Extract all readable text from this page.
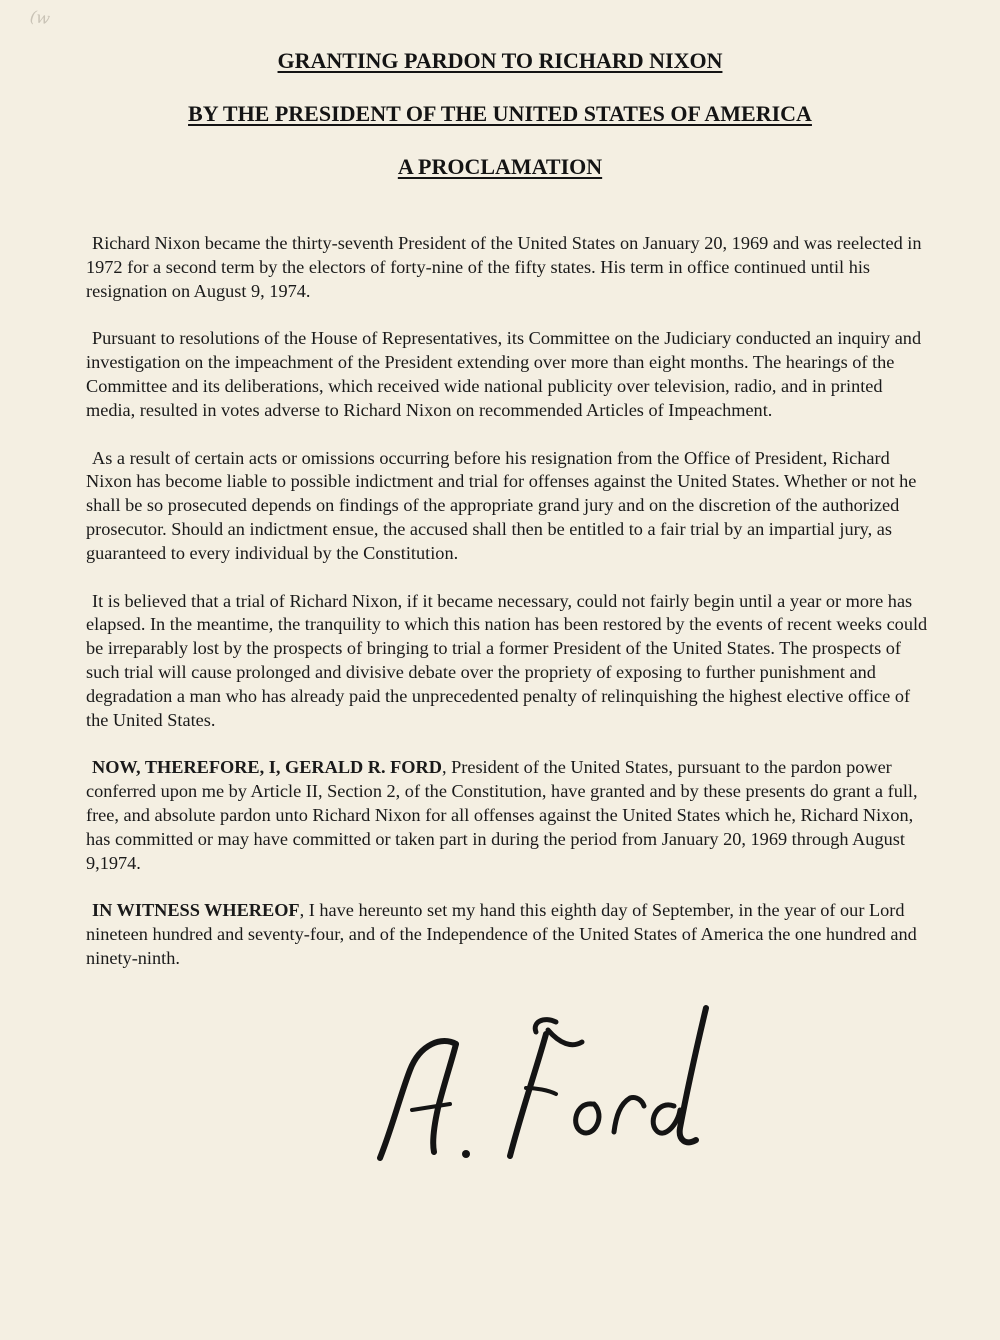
(w
GRANTING PARDON TO RICHARD NIXON
BY THE PRESIDENT OF THE UNITED STATES OF AMERICA
A PROCLAMATION

Richard Nixon became the thirty-seventh President of the United States on January 20, 1969 and was reelected in 1972 for a second term by the electors of forty-nine of the fifty states. His term in office continued until his resignation on August 9, 1974.

Pursuant to resolutions of the House of Representatives, its Committee on the Judiciary conducted an inquiry and investigation on the impeachment of the President extending over more than eight months. The hearings of the Committee and its deliberations, which received wide national publicity over television, radio, and in printed media, resulted in votes adverse to Richard Nixon on recommended Articles of Impeachment.

As a result of certain acts or omissions occurring before his resignation from the Office of President, Richard Nixon has become liable to possible indictment and trial for offenses against the United States. Whether or not he shall be so prosecuted depends on findings of the appropriate grand jury and on the discretion of the authorized prosecutor. Should an indictment ensue, the accused shall then be entitled to a fair trial by an impartial jury, as guaranteed to every individual by the Constitution.

It is believed that a trial of Richard Nixon, if it became necessary, could not fairly begin until a year or more has elapsed. In the meantime, the tranquility to which this nation has been restored by the events of recent weeks could be irreparably lost by the prospects of bringing to trial a former President of the United States. The prospects of such trial will cause prolonged and divisive debate over the propriety of exposing to further punishment and degradation a man who has already paid the unprecedented penalty of relinquishing the highest elective office of the United States.

NOW, THEREFORE, I, GERALD R. FORD, President of the United States, pursuant to the pardon power conferred upon me by Article II, Section 2, of the Constitution, have granted and by these presents do grant a full, free, and absolute pardon unto Richard Nixon for all offenses against the United States which he, Richard Nixon, has committed or may have committed or taken part in during the period from January 20, 1969 through August 9,1974.

IN WITNESS WHEREOF, I have hereunto set my hand this eighth day of September, in the year of our Lord nineteen hundred and seventy-four, and of the Independence of the United States of America the one hundred and ninety-ninth.
